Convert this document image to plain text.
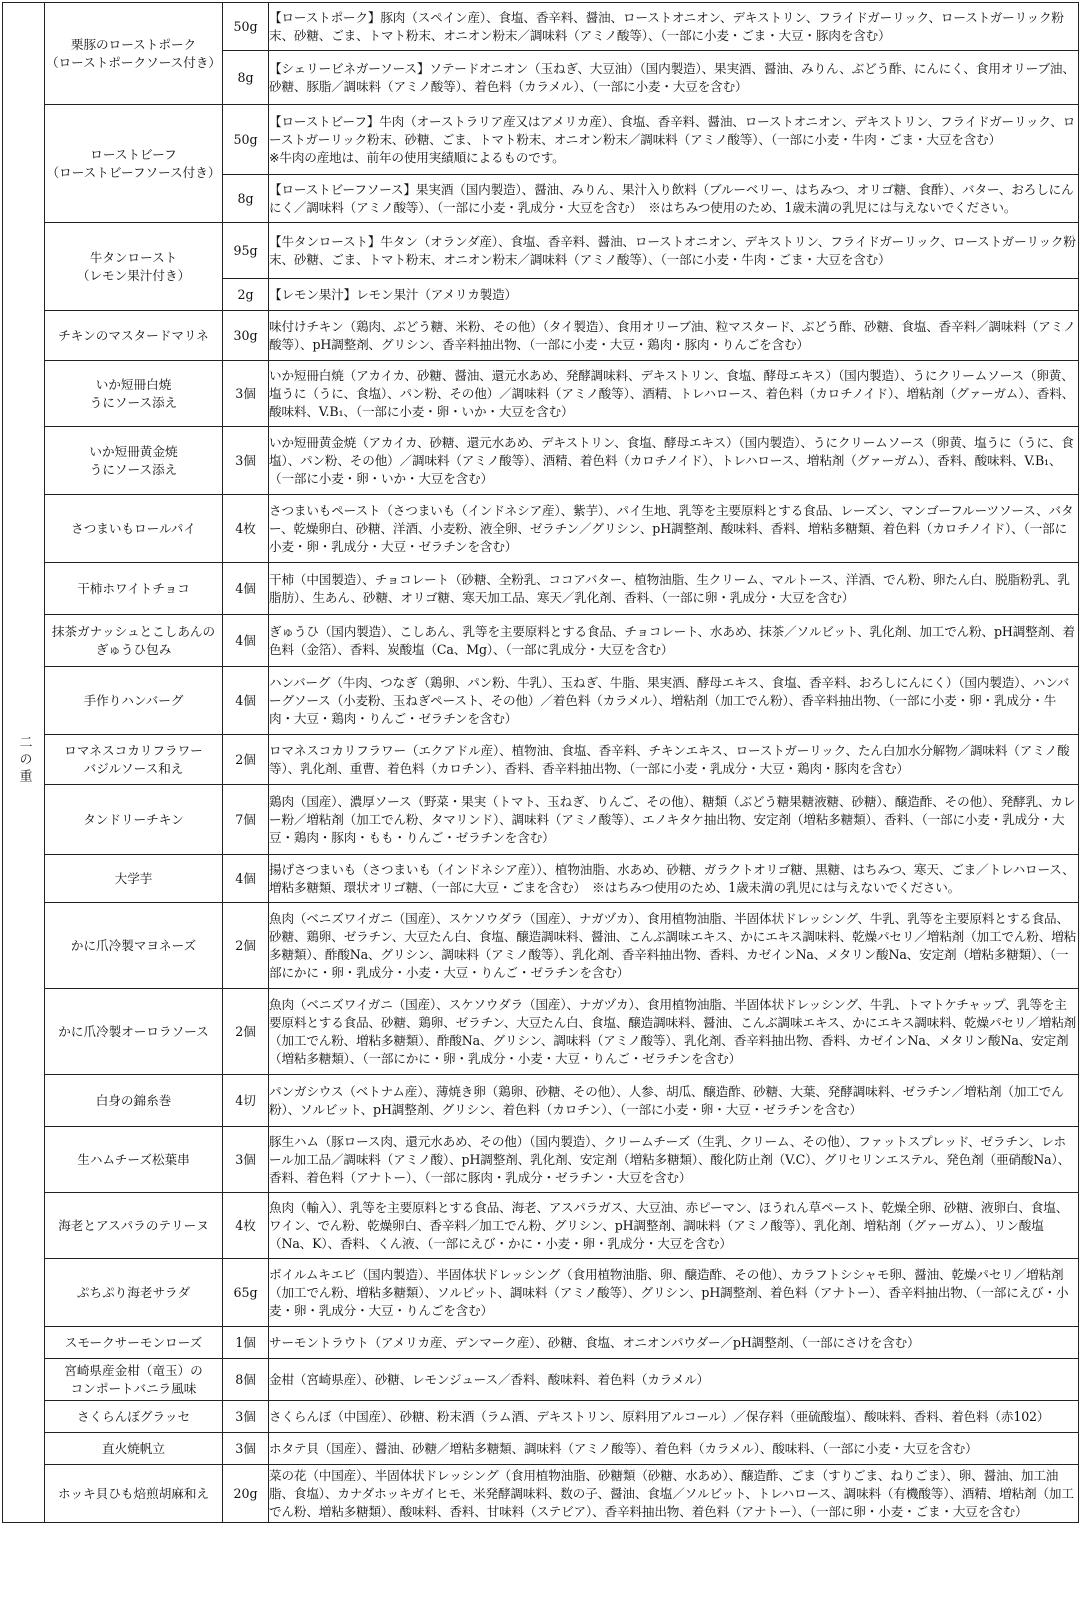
二の重	栗豚のローストポーク
（ローストポークソース付き）	50g	【ローストポーク】豚肉（スペイン産）、食塩、香辛料、醤油、ローストオニオン、デキストリン、フライドガーリック、ローストガーリック粉末、砂糖、ごま、トマト粉末、オニオン粉末／調味料（アミノ酸等）、（一部に小麦・ごま・大豆・豚肉を含む）
		8g	【シェリービネガーソース】ソテードオニオン（玉ねぎ、大豆油）（国内製造）、果実酒、醤油、みりん、ぶどう酢、にんにく、食用オリーブ油、砂糖、豚脂／調味料（アミノ酸等）、着色料（カラメル）、（一部に小麦・大豆を含む）

	ローストビーフ
（ローストビーフソース付き）	50g	【ローストビーフ】牛肉（オーストラリア産又はアメリカ産）、食塩、香辛料、醤油、ローストオニオン、デキストリン、フライドガーリック、ローストガーリック粉末、砂糖、ごま、トマト粉末、オニオン粉末／調味料（アミノ酸等）、（一部に小麦・牛肉・ごま・大豆を含む）
※牛肉の産地は、前年の使用実績順によるものです。
		8g	【ローストビーフソース】果実酒（国内製造）、醤油、みりん、果汁入り飲料（ブルーベリー、はちみつ、オリゴ糖、食酢）、バター、おろしにんにく／調味料（アミノ酸等）、（一部に小麦・乳成分・大豆を含む）　※はちみつ使用のため、1歳未満の乳児には与えないでください。

	牛タンロースト
（レモン果汁付き）	95g	【牛タンロースト】牛タン（オランダ産）、食塩、香辛料、醤油、ローストオニオン、デキストリン、フライドガーリック、ローストガーリック粉末、砂糖、ごま、トマト粉末、オニオン粉末／調味料（アミノ酸等）、（一部に小麦・牛肉・ごま・大豆を含む）
		2g	【レモン果汁】レモン果汁（アメリカ製造）

	チキンのマスタードマリネ	30g	味付けチキン（鶏肉、ぶどう糖、米粉、その他）（タイ製造）、食用オリーブ油、粒マスタード、ぶどう酢、砂糖、食塩、香辛料／調味料（アミノ酸等）、pH調整剤、グリシン、香辛料抽出物、（一部に小麦・大豆・鶏肉・豚肉・りんごを含む）

	いか短冊白焼
うにソース添え	3個	いか短冊白焼（アカイカ、砂糖、醤油、還元水あめ、発酵調味料、デキストリン、食塩、酵母エキス）（国内製造）、うにクリームソース（卵黄、塩うに（うに、食塩）、パン粉、その他）／調味料（アミノ酸等）、酒精、トレハロース、着色料（カロチノイド）、増粘剤（グァーガム）、香料、酸味料、V.B₁、（一部に小麦・卵・いか・大豆を含む）

	いか短冊黄金焼
うにソース添え	3個	いか短冊黄金焼（アカイカ、砂糖、還元水あめ、デキストリン、食塩、酵母エキス）（国内製造）、うにクリームソース（卵黄、塩うに（うに、食塩）、パン粉、その他）／調味料（アミノ酸等）、酒精、着色料（カロチノイド）、トレハロース、増粘剤（グァーガム）、香料、酸味料、V.B₁、（一部に小麦・卵・いか・大豆を含む）

	さつまいもロールパイ	4枚	さつまいもペースト（さつまいも（インドネシア産）、紫芋）、パイ生地、乳等を主要原料とする食品、レーズン、マンゴーフルーツソース、バター、乾燥卵白、砂糖、洋酒、小麦粉、液全卵、ゼラチン／グリシン、pH調整剤、酸味料、香料、増粘多糖類、着色料（カロチノイド）、（一部に小麦・卵・乳成分・大豆・ゼラチンを含む）

	干柿ホワイトチョコ	4個	干柿（中国製造）、チョコレート（砂糖、全粉乳、ココアバター、植物油脂、生クリーム、マルトース、洋酒、でん粉、卵たん白、脱脂粉乳、乳脂肪）、生あん、砂糖、オリゴ糖、寒天加工品、寒天／乳化剤、香料、（一部に卵・乳成分・大豆を含む）

	抹茶ガナッシュとこしあんの
ぎゅうひ包み	4個	ぎゅうひ（国内製造）、こしあん、乳等を主要原料とする食品、チョコレート、水あめ、抹茶／ソルビット、乳化剤、加工でん粉、pH調整剤、着色料（金箔）、香料、炭酸塩（Ca、Mg）、（一部に乳成分・大豆を含む）

	手作りハンバーグ	4個	ハンバーグ（牛肉、つなぎ（鶏卵、パン粉、牛乳）、玉ねぎ、牛脂、果実酒、酵母エキス、食塩、香辛料、おろしにんにく）（国内製造）、ハンバーグソース（小麦粉、玉ねぎペースト、その他）／着色料（カラメル）、増粘剤（加工でん粉）、香辛料抽出物、（一部に小麦・卵・乳成分・牛肉・大豆・鶏肉・りんご・ゼラチンを含む）

	ロマネスコカリフラワー
バジルソース和え	2個	ロマネスコカリフラワー（エクアドル産）、植物油、食塩、香辛料、チキンエキス、ローストガーリック、たん白加水分解物／調味料（アミノ酸等）、乳化剤、重曹、着色料（カロチン）、香料、香辛料抽出物、（一部に小麦・乳成分・大豆・鶏肉・豚肉を含む）

	タンドリーチキン	7個	鶏肉（国産）、濃厚ソース（野菜・果実（トマト、玉ねぎ、りんご、その他）、糖類（ぶどう糖果糖液糖、砂糖）、醸造酢、その他）、発酵乳、カレー粉／増粘剤（加工でん粉、タマリンド）、調味料（アミノ酸等）、エノキタケ抽出物、安定剤（増粘多糖類）、香料、（一部に小麦・乳成分・大豆・鶏肉・豚肉・もも・りんご・ゼラチンを含む）

	大学芋	4個	揚げさつまいも（さつまいも（インドネシア産））、植物油脂、水あめ、砂糖、ガラクトオリゴ糖、黒糖、はちみつ、寒天、ごま／トレハロース、増粘多糖類、環状オリゴ糖、（一部に大豆・ごまを含む）　※はちみつ使用のため、1歳未満の乳児には与えないでください。

	かに爪冷製マヨネーズ	2個	魚肉（ベニズワイガニ（国産）、スケソウダラ（国産）、ナガヅカ）、食用植物油脂、半固体状ドレッシング、牛乳、乳等を主要原料とする食品、砂糖、鶏卵、ゼラチン、大豆たん白、食塩、醸造調味料、醤油、こんぶ調味エキス、かにエキス調味料、乾燥パセリ／増粘剤（加工でん粉、増粘多糖類）、酢酸Na、グリシン、調味料（アミノ酸等）、乳化剤、香辛料抽出物、香料、カゼインNa、メタリン酸Na、安定剤（増粘多糖類）、（一部にかに・卵・乳成分・小麦・大豆・りんご・ゼラチンを含む）

	かに爪冷製オーロラソース	2個	魚肉（ベニズワイガニ（国産）、スケソウダラ（国産）、ナガヅカ）、食用植物油脂、半固体状ドレッシング、牛乳、トマトケチャップ、乳等を主要原料とする食品、砂糖、鶏卵、ゼラチン、大豆たん白、食塩、醸造調味料、醤油、こんぶ調味エキス、かにエキス調味料、乾燥パセリ／増粘剤（加工でん粉、増粘多糖類）、酢酸Na、グリシン、調味料（アミノ酸等）、乳化剤、香辛料抽出物、香料、カゼインNa、メタリン酸Na、安定剤（増粘多糖類）、（一部にかに・卵・乳成分・小麦・大豆・りんご・ゼラチンを含む）

	白身の錦糸巻	4切	パンガシウス（ベトナム産）、薄焼き卵（鶏卵、砂糖、その他）、人参、胡瓜、醸造酢、砂糖、大葉、発酵調味料、ゼラチン／増粘剤（加工でん粉）、ソルビット、pH調整剤、グリシン、着色料（カロチン）、（一部に小麦・卵・大豆・ゼラチンを含む）

	生ハムチーズ松葉串	3個	豚生ハム（豚ロース肉、還元水あめ、その他）（国内製造）、クリームチーズ（生乳、クリーム、その他）、ファットスプレッド、ゼラチン、レホール加工品／調味料（アミノ酸）、pH調整剤、乳化剤、安定剤（増粘多糖類）、酸化防止剤（V.C）、グリセリンエステル、発色剤（亜硝酸Na）、香料、着色料（アナトー）、（一部に豚肉・乳成分・ゼラチン・大豆を含む）

	海老とアスパラのテリーヌ	4枚	魚肉（輸入）、乳等を主要原料とする食品、海老、アスパラガス、大豆油、赤ピーマン、ほうれん草ペースト、乾燥全卵、砂糖、液卵白、食塩、ワイン、でん粉、乾燥卵白、香辛料／加工でん粉、グリシン、pH調整剤、調味料（アミノ酸等）、乳化剤、増粘剤（グァーガム）、リン酸塩（Na、K）、香料、くん液、（一部にえび・かに・小麦・卵・乳成分・大豆を含む）

	ぷちぷり海老サラダ	65g	ボイルムキエビ（国内製造）、半固体状ドレッシング（食用植物油脂、卵、醸造酢、その他）、カラフトシシャモ卵、醤油、乾燥パセリ／増粘剤（加工でん粉、増粘多糖類）、ソルビット、調味料（アミノ酸等）、グリシン、pH調整剤、着色料（アナトー）、香辛料抽出物、（一部にえび・小麦・卵・乳成分・大豆・りんごを含む）

	スモークサーモンローズ	1個	サーモントラウト（アメリカ産、デンマーク産）、砂糖、食塩、オニオンパウダー／pH調整剤、（一部にさけを含む）

	宮崎県産金柑（竜玉）の
コンポートバニラ風味	8個	金柑（宮崎県産）、砂糖、レモンジュース／香料、酸味料、着色料（カラメル）

	さくらんぼグラッセ	3個	さくらんぼ（中国産）、砂糖、粉末酒（ラム酒、デキストリン、原料用アルコール）／保存料（亜硫酸塩）、酸味料、香料、着色料（赤102）

	直火焼帆立	3個	ホタテ貝（国産）、醤油、砂糖／増粘多糖類、調味料（アミノ酸等）、着色料（カラメル）、酸味料、（一部に小麦・大豆を含む）

	ホッキ貝ひも焙煎胡麻和え	20g	菜の花（中国産）、半固体状ドレッシング（食用植物油脂、砂糖類（砂糖、水あめ）、醸造酢、ごま（すりごま、ねりごま）、卵、醤油、加工油脂、食塩）、カナダホッキガイヒモ、米発酵調味料、数の子、醤油、食塩／ソルビット、トレハロース、調味料（有機酸等）、酒精、増粘剤（加工でん粉、増粘多糖類）、酸味料、香料、甘味料（ステビア）、香辛料抽出物、着色料（アナトー）、（一部に卵・小麦・ごま・大豆を含む）
